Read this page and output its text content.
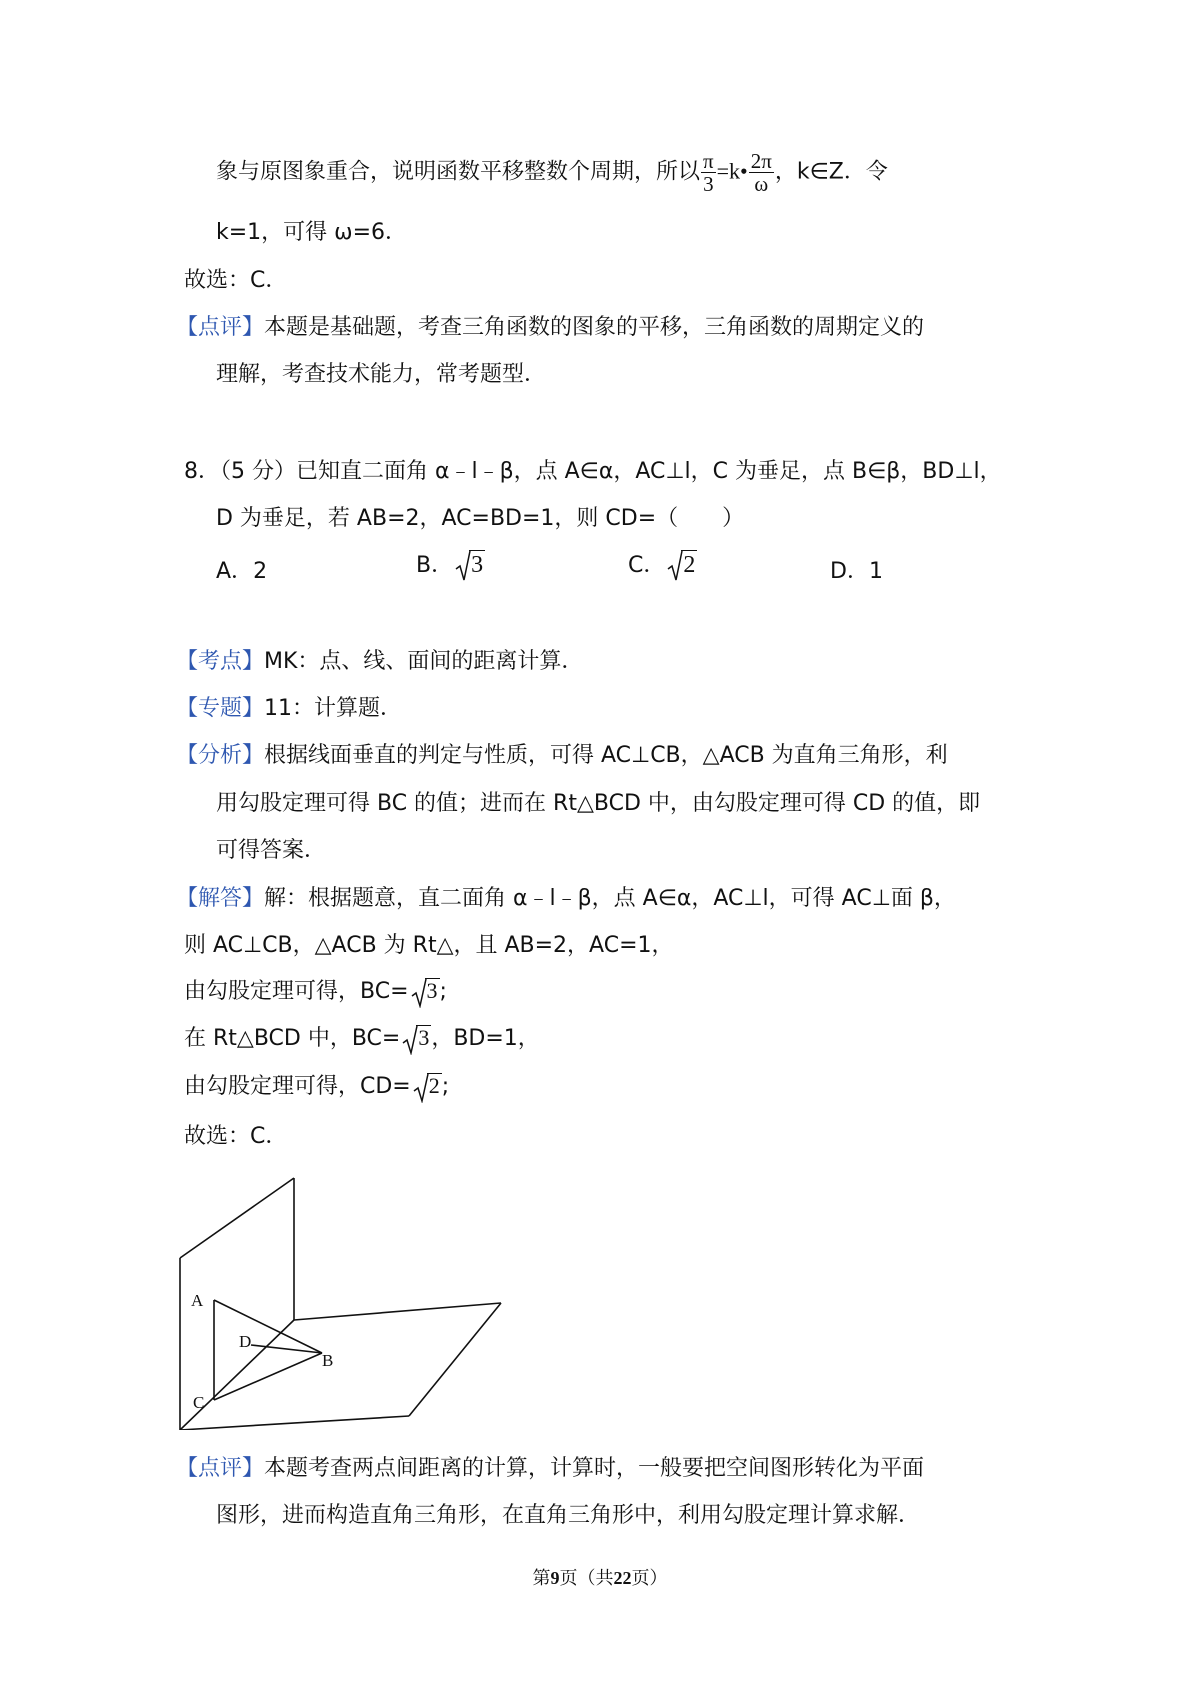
象与原图象重合，说明函数平移整数个周期，所以 $\frac{\pi}{3}$ =k• $\frac{2\pi}{\omega}$ ，k∈Z．令
k=1，可得 ω=6．
故选：C．
【点评】本题是基础题，考查三角函数的图象的平移，三角函数的周期定义的
理解，考查技术能力，常考题型．
8．（5 分）已知直二面角 α﹣l﹣β，点 A∈α，AC⊥l，C 为垂足，点 B∈β，BD⊥l，
D 为垂足，若 AB=2，AC=BD=1，则 CD=（　　）
A．2	B． 3	C． 2	D．1
【考点】MK：点、线、面间的距离计算．
【专题】11：计算题．
【分析】根据线面垂直的判定与性质，可得 AC⊥CB，△ACB 为直角三角形，利
用勾股定理可得 BC 的值；进而在 Rt△BCD 中，由勾股定理可得 CD 的值，即
可得答案．
【解答】解：根据题意，直二面角 α﹣l﹣β，点 A∈α，AC⊥l，可得 AC⊥面 β，
则 AC⊥CB，△ACB 为 Rt△，且 AB=2，AC=1，
由勾股定理可得，BC= 3;
在 Rt△BCD 中，BC= 3，BD=1，
由勾股定理可得，CD= 2;
故选：C．
A
B
C
D
【点评】本题考查两点间距离的计算，计算时，一般要把空间图形转化为平面
图形，进而构造直角三角形，在直角三角形中，利用勾股定理计算求解．
第9页（共22页）
